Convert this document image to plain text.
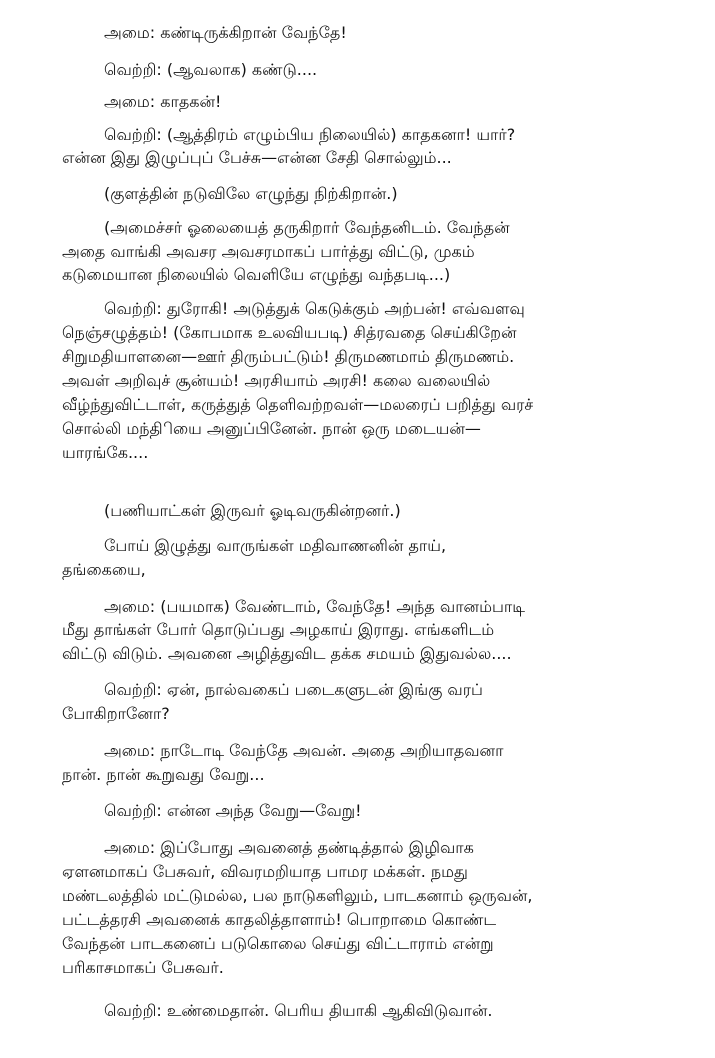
அமை: கண்டிருக்கிறான் வேந்தே!
வெற்றி: (ஆவலாக) கண்டு....
அமை: காதகன்!
வெற்றி: (ஆத்திரம் எழும்பிய நிலையில்) காதகனா! யார்?
என்ன இது இழுப்புப் பேச்சு—என்ன சேதி சொல்லும்...
(குளத்தின் நடுவிலே எழுந்து நிற்கிறான்.)
(அமைச்சர் ஓலையைத் தருகிறார் வேந்தனிடம். வேந்தன்
அதை வாங்கி அவசர அவசரமாகப் பார்த்து விட்டு, முகம்
கடுமையான நிலையில் வெளியே எழுந்து வந்தபடி...)
வெற்றி: துரோகி! அடுத்துக் கெடுக்கும் அற்பன்! எவ்வளவு
நெஞ்சழுத்தம்! (கோபமாக உலவியபடி) சித்ரவதை செய்கிறேன்
சிறுமதியாளனை—ஊர் திரும்பட்டும்! திருமணமாம் திருமணம்.
அவள் அறிவுச் சூன்யம்! அரசியாம் அரசி! கலை வலையில்
வீழ்ந்துவிட்டாள், கருத்துத் தெளிவற்றவள்—மலரைப் பறித்து வரச்
சொல்லி மந்திியை அனுப்பினேன். நான் ஒரு மடையன்—
யாரங்கே....
(பணியாட்கள் இருவர் ஓடிவருகின்றனர்.)
போய் இழுத்து வாருங்கள் மதிவாணனின் தாய்,
தங்கையை,
அமை: (பயமாக) வேண்டாம், வேந்தே! அந்த வானம்பாடி
மீது தாங்கள் போர் தொடுப்பது அழகாய் இராது. எங்களிடம்
விட்டு விடும். அவனை அழித்துவிட தக்க சமயம் இதுவல்ல....
வெற்றி: ஏன், நால்வகைப் படைகளுடன் இங்கு வரப்
போகிறானோ?
அமை: நாடோடி வேந்தே அவன். அதை அறியாதவனா
நான். நான் கூறுவது வேறு...
வெற்றி: என்ன அந்த வேறு—வேறு!
அமை: இப்போது அவனைத் தண்டித்தால் இழிவாக
ஏளனமாகப் பேசுவர், விவரமறியாத பாமர மக்கள். நமது
மண்டலத்தில் மட்டுமல்ல, பல நாடுகளிலும், பாடகனாம் ஒருவன்,
பட்டத்தரசி அவனைக் காதலித்தாளாம்! பொறாமை கொண்ட
வேந்தன் பாடகனைப் படுகொலை செய்து விட்டாராம் என்று
பரிகாசமாகப் பேசுவர்.
வெற்றி: உண்மைதான். பெரிய தியாகி ஆகிவிடுவான்.
